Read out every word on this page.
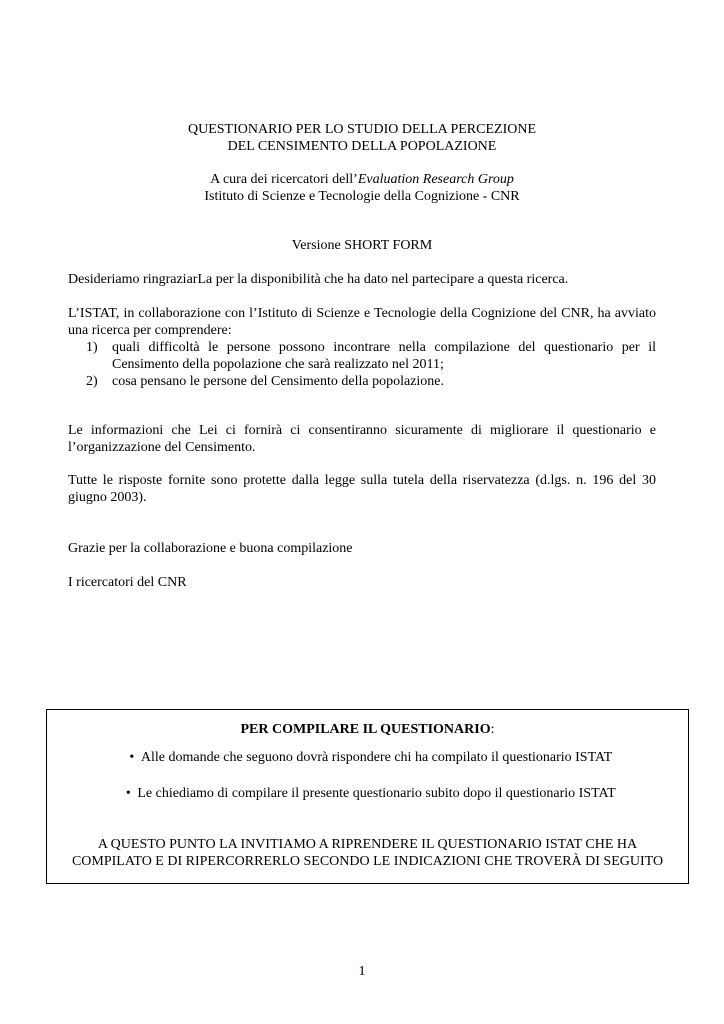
QUESTIONARIO PER LO STUDIO DELLA PERCEZIONE
DEL CENSIMENTO DELLA POPOLAZIONE
A cura dei ricercatori dell’Evaluation Research Group
Istituto di Scienze e Tecnologie della Cognizione - CNR
Versione SHORT FORM
Desideriamo ringraziarLa per la disponibilità che ha dato nel partecipare a questa ricerca.
L’ISTAT, in collaborazione con l’Istituto di Scienze e Tecnologie della Cognizione del CNR, ha avviato una ricerca per comprendere:
1) quali difficoltà le persone possono incontrare nella compilazione del questionario per il Censimento della popolazione che sarà realizzato nel 2011;
2) cosa pensano le persone del Censimento della popolazione.
Le informazioni che Lei ci fornirà ci consentiranno sicuramente di migliorare il questionario e l’organizzazione del Censimento.
Tutte le risposte fornite sono protette dalla legge sulla tutela della riservatezza (d.lgs. n. 196 del 30 giugno 2003).
Grazie per la collaborazione e buona compilazione
I ricercatori del CNR
PER COMPILARE IL QUESTIONARIO:
• Alle domande che seguono dovrà rispondere chi ha compilato il questionario ISTAT
• Le chiediamo di compilare il presente questionario subito dopo il questionario ISTAT
A QUESTO PUNTO LA INVITIAMO A RIPRENDERE IL QUESTIONARIO ISTAT CHE HA
COMPILATO E DI RIPERCORRERLO SECONDO LE INDICAZIONI CHE TROVERÀ DI SEGUITO
1
